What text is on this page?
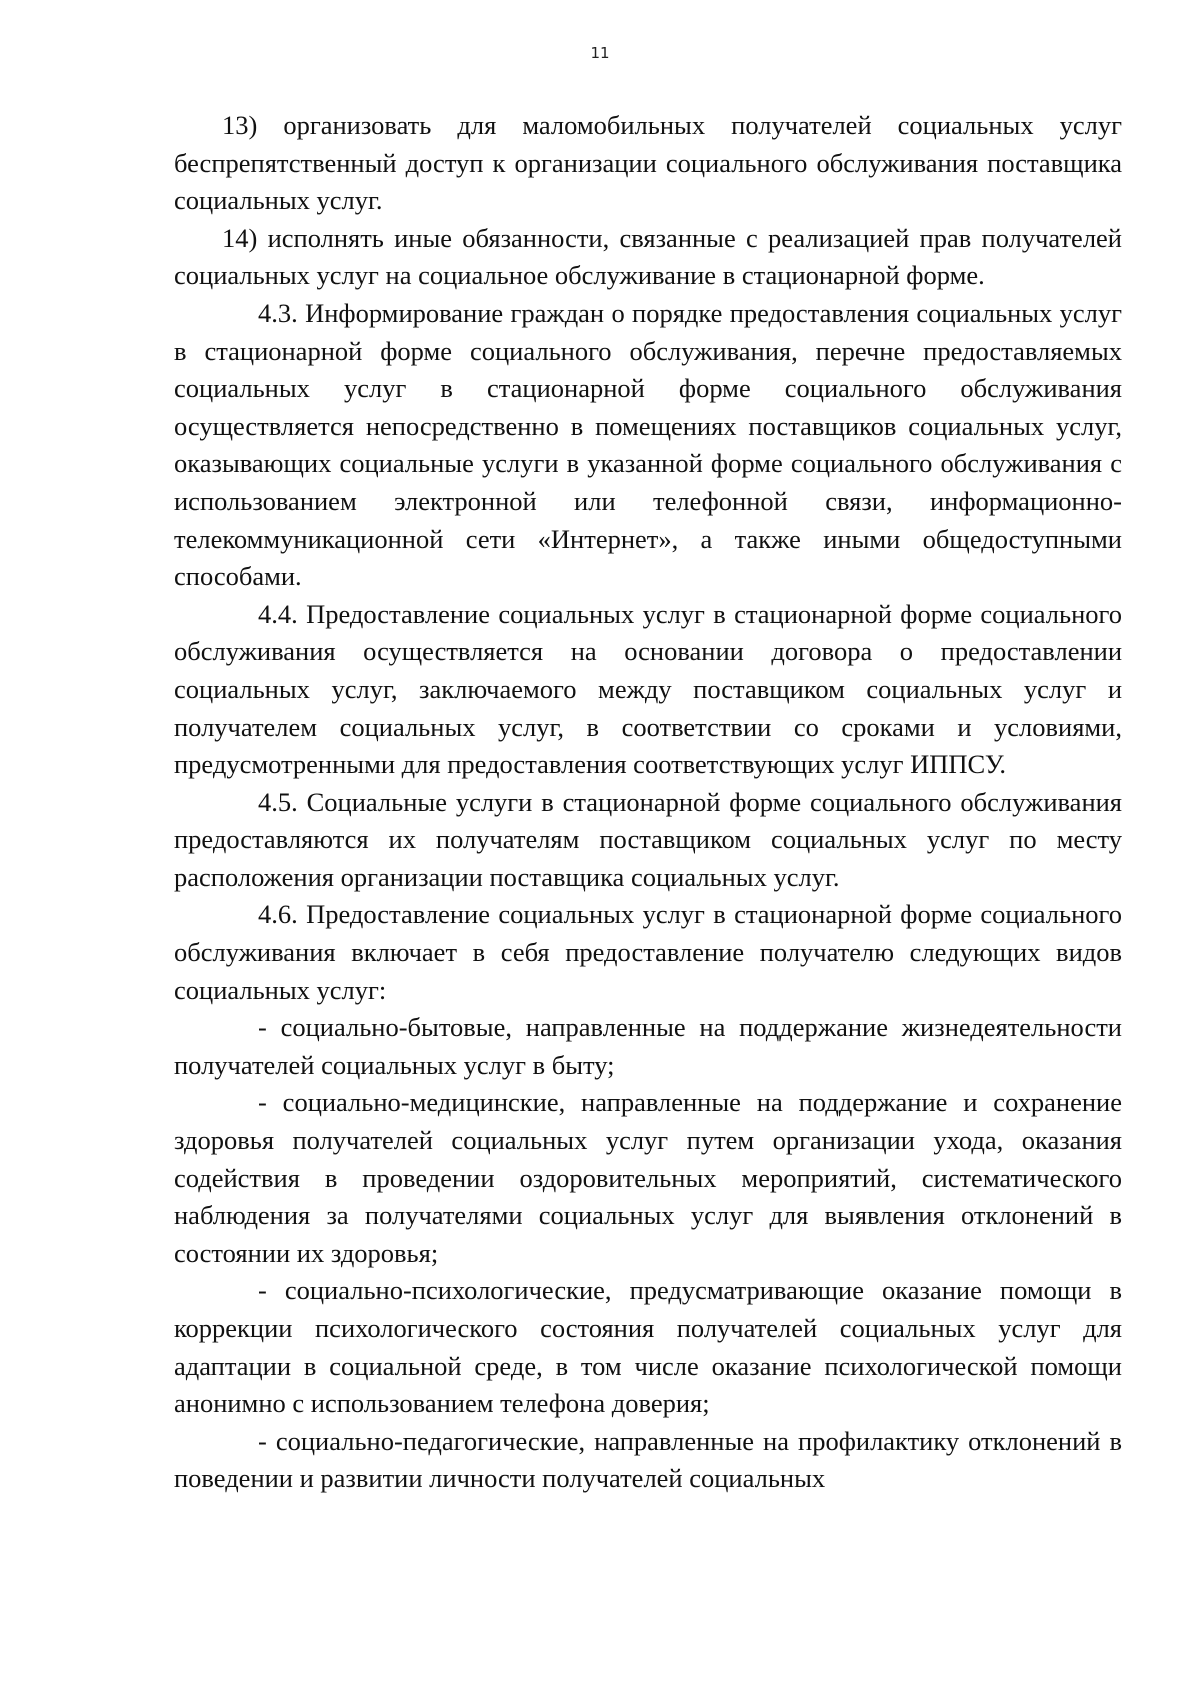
11

13) организовать для маломобильных получателей социальных услуг беспрепятственный доступ к организации социального обслуживания поставщика социальных услуг.

14) исполнять иные обязанности, связанные с реализацией прав получателей социальных услуг на социальное обслуживание в стационарной форме.

4.3. Информирование граждан о порядке предоставления социальных услуг в стационарной форме социального обслуживания, перечне предоставляемых социальных услуг в стационарной форме социального обслуживания осуществляется непосредственно в помещениях поставщиков социальных услуг, оказывающих социальные услуги в указанной форме социального обслуживания с использованием электронной или телефонной связи, информационно-телекоммуникационной сети «Интернет», а также иными общедоступными способами.

4.4. Предоставление социальных услуг в стационарной форме социального обслуживания осуществляется на основании договора о предоставлении социальных услуг, заключаемого между поставщиком социальных услуг и получателем социальных услуг, в соответствии со сроками и условиями, предусмотренными для предоставления соответствующих услуг ИППСУ.

4.5. Социальные услуги в стационарной форме социального обслуживания предоставляются их получателям поставщиком социальных услуг по месту расположения организации поставщика социальных услуг.

4.6. Предоставление социальных услуг в стационарной форме социального обслуживания включает в себя предоставление получателю следующих видов социальных услуг:

- социально-бытовые, направленные на поддержание жизнедеятельности получателей социальных услуг в быту;

- социально-медицинские, направленные на поддержание и сохранение здоровья получателей социальных услуг путем организации ухода, оказания содействия в проведении оздоровительных мероприятий, систематического наблюдения за получателями социальных услуг для выявления отклонений в состоянии их здоровья;

- социально-психологические, предусматривающие оказание помощи в коррекции психологического состояния получателей социальных услуг для адаптации в социальной среде, в том числе оказание психологической помощи анонимно с использованием телефона доверия;

- социально-педагогические, направленные на профилактику отклонений в поведении и развитии личности получателей социальных
